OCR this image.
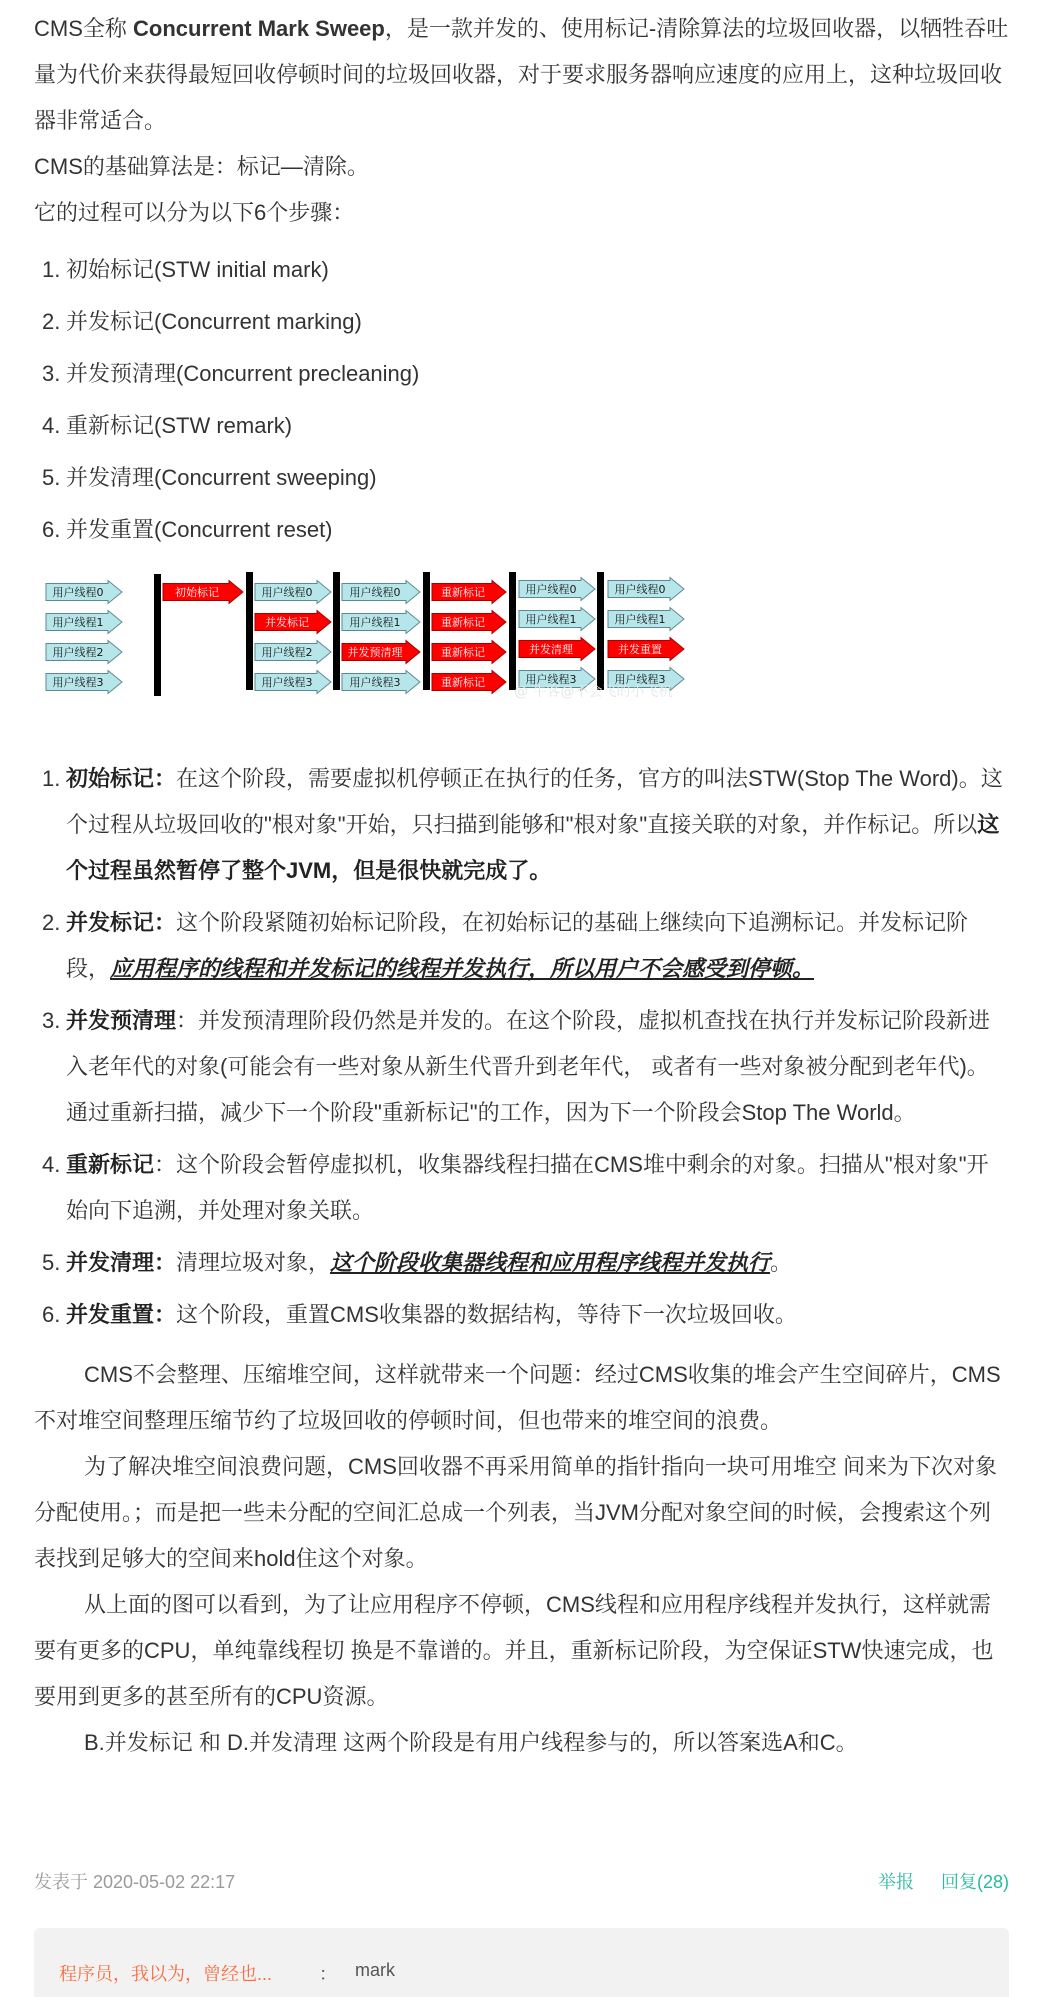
CMS全称 Concurrent Mark Sweep，是一款并发的、使用标记-清除算法的垃圾回收器，以牺牲吞吐量为代价来获得最短回收停顿时间的垃圾回收器，对于要求服务器响应速度的应用上，这种垃圾回收器非常适合。

CMS的基础算法是：标记—清除。

它的过程可以分为以下6个步骤：

1. 初始标记(STW initial mark)
2. 并发标记(Concurrent marking)
3. 并发预清理(Concurrent precleaning)
4. 重新标记(STW remark)
5. 并发清理(Concurrent sweeping)
6. 并发重置(Concurrent reset)
用户线程0
用户线程1
用户线程2
用户线程3
初始标记	用户线程0
并发标记
用户线程2
用户线程3
用户线程0
用户线程1
并发预清理
用户线程3
重新标记
重新标记
重新标记
重新标记
用户线程0
用户线程1
并发清理
用户线程3
用户线程0
用户线程1
并发重置
用户线程3
@ 牛客@不会飞的小飞机
1. 初始标记：在这个阶段，需要虚拟机停顿正在执行的任务，官方的叫法STW(Stop The Word)。这个过程从垃圾回收的"根对象"开始，只扫描到能够和"根对象"直接关联的对象，并作标记。所以这个过程虽然暂停了整个JVM，但是很快就完成了。
2. 并发标记：这个阶段紧随初始标记阶段，在初始标记的基础上继续向下追溯标记。并发标记阶段，应用程序的线程和并发标记的线程并发执行，所以用户不会感受到停顿。
3. 并发预清理：并发预清理阶段仍然是并发的。在这个阶段，虚拟机查找在执行并发标记阶段新进入老年代的对象(可能会有一些对象从新生代晋升到老年代， 或者有一些对象被分配到老年代)。通过重新扫描，减少下一个阶段"重新标记"的工作，因为下一个阶段会Stop The World。
4. 重新标记：这个阶段会暂停虚拟机，收集器线程扫描在CMS堆中剩余的对象。扫描从"根对象"开始向下追溯，并处理对象关联。
5. 并发清理：清理垃圾对象，这个阶段收集器线程和应用程序线程并发执行。
6. 并发重置：这个阶段，重置CMS收集器的数据结构，等待下一次垃圾回收。

CMS不会整理、压缩堆空间，这样就带来一个问题：经过CMS收集的堆会产生空间碎片，CMS不对堆空间整理压缩节约了垃圾回收的停顿时间，但也带来的堆空间的浪费。

为了解决堆空间浪费问题，CMS回收器不再采用简单的指针指向一块可用堆空 间来为下次对象分配使用。；而是把一些未分配的空间汇总成一个列表，当JVM分配对象空间的时候，会搜索这个列表找到足够大的空间来hold住这个对象。

从上面的图可以看到，为了让应用程序不停顿，CMS线程和应用程序线程并发执行，这样就需要有更多的CPU，单纯靠线程切 换是不靠谱的。并且，重新标记阶段，为空保证STW快速完成，也要用到更多的甚至所有的CPU资源。

B.并发标记 和 D.并发清理 这两个阶段是有用户线程参与的，所以答案选A和C。

发表于 2020-05-02 22:17	举报 回复(28)
程序员，我以为，曾经也...	： mark
